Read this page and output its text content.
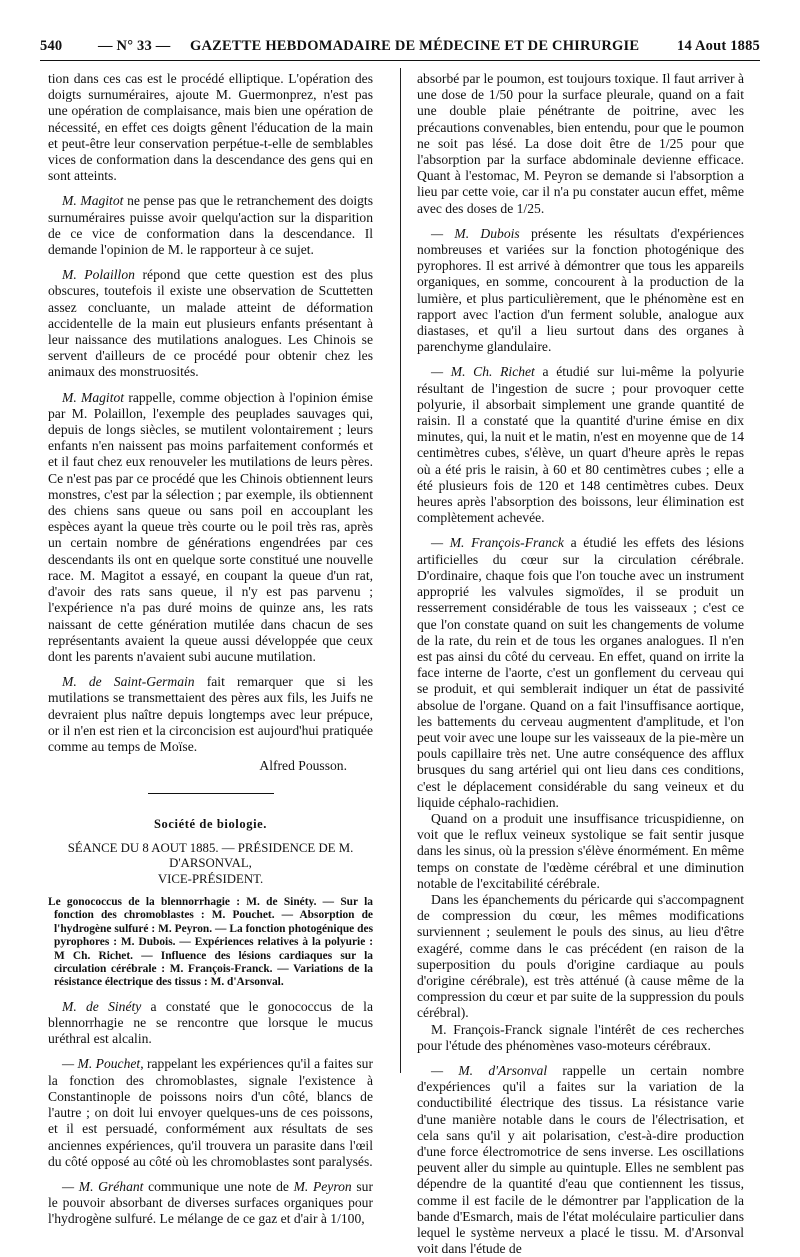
540 — N° 33 — GAZETTE HEBDOMADAIRE DE MÉDECINE ET DE CHIRURGIE	14 Aout 1885

tion dans ces cas est le procédé elliptique. L'opération des doigts surnuméraires, ajoute M. Guermonprez, n'est pas une opération de complaisance, mais bien une opération de nécessité, en effet ces doigts gênent l'éducation de la main et peut-être leur conservation perpétue-t-elle de semblables vices de conformation dans la descendance des gens qui en sont atteints.

M. Magitot ne pense pas que le retranchement des doigts surnuméraires puisse avoir quelqu'action sur la disparition de ce vice de conformation dans la descendance. Il demande l'opinion de M. le rapporteur à ce sujet.

M. Polaillon répond que cette question est des plus obscures, toutefois il existe une observation de Scuttetten assez concluante, un malade atteint de déformation accidentelle de la main eut plusieurs enfants présentant à leur naissance des mutilations analogues. Les Chinois se servent d'ailleurs de ce procédé pour obtenir chez les animaux des monstruosités.

M. Magitot rappelle, comme objection à l'opinion émise par M. Polaillon, l'exemple des peuplades sauvages qui, depuis de longs siècles, se mutilent volontairement ; leurs enfants n'en naissent pas moins parfaitement conformés et et il faut chez eux renouveler les mutilations de leurs pères. Ce n'est pas par ce procédé que les Chinois obtiennent leurs monstres, c'est par la sélection ; par exemple, ils obtiennent des chiens sans queue ou sans poil en accouplant les espèces ayant la queue très courte ou le poil très ras, après un certain nombre de générations engendrées par ces descendants ils ont en quelque sorte constitué une nouvelle race. M. Magitot a essayé, en coupant la queue d'un rat, d'avoir des rats sans queue, il n'y est pas parvenu ; l'expérience n'a pas duré moins de quinze ans, les rats naissant de cette génération mutilée dans chacun de ses représentants avaient la queue aussi développée que ceux dont les parents n'avaient subi aucune mutilation.

M. de Saint-Germain fait remarquer que si les mutilations se transmettaient des pères aux fils, les Juifs ne devraient plus naître depuis longtemps avec leur prépuce, or il n'en est rien et la circoncision est aujourd'hui pratiquée comme au temps de Moïse.

Alfred Pousson.

Société de biologie.
SÉANCE DU 8 AOUT 1885. — PRÉSIDENCE DE M. D'ARSONVAL,
VICE-PRÉSIDENT.

Le gonococcus de la blennorrhagie : M. de Sinéty. — Sur la fonction des chromoblastes : M. Pouchet. — Absorption de l'hydrogène sulfuré : M. Peyron. — La fonction photogénique des pyrophores : M. Dubois. — Expériences relatives à la polyurie : M Ch. Richet. — Influence des lésions cardiaques sur la circulation cérébrale : M. François-Franck. — Variations de la résistance électrique des tissus : M. d'Arsonval.

M. de Sinéty a constaté que le gonococcus de la blennorrhagie ne se rencontre que lorsque le mucus uréthral est alcalin.

— M. Pouchet, rappelant les expériences qu'il a faites sur la fonction des chromoblastes, signale l'existence à Constantinople de poissons noirs d'un côté, blancs de l'autre ; on doit lui envoyer quelques-uns de ces poissons, et il est persuadé, conformément aux résultats de ses anciennes expériences, qu'il trouvera un parasite dans l'œil du côté opposé au côté où les chromoblastes sont paralysés.

— M. Gréhant communique une note de M. Peyron sur le pouvoir absorbant de diverses surfaces organiques pour l'hydrogène sulfuré. Le mélange de ce gaz et d'air à 1/100,

absorbé par le poumon, est toujours toxique. Il faut arriver à une dose de 1/50 pour la surface pleurale, quand on a fait une double plaie pénétrante de poitrine, avec les précautions convenables, bien entendu, pour que le poumon ne soit pas lésé. La dose doit être de 1/25 pour que l'absorption par la surface abdominale devienne efficace. Quant à l'estomac, M. Peyron se demande si l'absorption a lieu par cette voie, car il n'a pu constater aucun effet, même avec des doses de 1/25.

— M. Dubois présente les résultats d'expériences nombreuses et variées sur la fonction photogénique des pyrophores. Il est arrivé à démontrer que tous les appareils organiques, en somme, concourent à la production de la lumière, et plus particulièrement, que le phénomène est en rapport avec l'action d'un ferment soluble, analogue aux diastases, et qu'il a lieu surtout dans des organes à parenchyme glandulaire.

— M. Ch. Richet a étudié sur lui-même la polyurie résultant de l'ingestion de sucre ; pour provoquer cette polyurie, il absorbait simplement une grande quantité de raisin. Il a constaté que la quantité d'urine émise en dix minutes, qui, la nuit et le matin, n'est en moyenne que de 14 centimètres cubes, s'élève, un quart d'heure après le repas où a été pris le raisin, à 60 et 80 centimètres cubes ; elle a été plusieurs fois de 120 et 148 centimètres cubes. Deux heures après l'absorption des boissons, leur élimination est complètement achevée.

— M. François-Franck a étudié les effets des lésions artificielles du cœur sur la circulation cérébrale. D'ordinaire, chaque fois que l'on touche avec un instrument approprié les valvules sigmoïdes, il se produit un resserrement considérable de tous les vaisseaux ; c'est ce que l'on constate quand on suit les changements de volume de la rate, du rein et de tous les organes analogues. Il n'en est pas ainsi du côté du cerveau. En effet, quand on irrite la face interne de l'aorte, c'est un gonflement du cerveau qui se produit, et qui semblerait indiquer un état de passivité absolue de l'organe. Quand on a fait l'insuffisance aortique, les battements du cerveau augmentent d'amplitude, et l'on peut voir avec une loupe sur les vaisseaux de la pie-mère un pouls capillaire très net. Une autre conséquence des afflux brusques du sang artériel qui ont lieu dans ces conditions, c'est le déplacement considérable du sang veineux et du liquide céphalo-rachidien.

Quand on a produit une insuffisance tricuspidienne, on voit que le reflux veineux systolique se fait sentir jusque dans les sinus, où la pression s'élève énormément. En même temps on constate de l'œdème cérébral et une diminution notable de l'excitabilité cérébrale.

Dans les épanchements du péricarde qui s'accompagnent de compression du cœur, les mêmes modifications surviennent ; seulement le pouls des sinus, au lieu d'être exagéré, comme dans le cas précédent (en raison de la superposition du pouls d'origine cardiaque au pouls d'origine cérébrale), est très atténué (à cause même de la compression du cœur et par suite de la suppression du pouls cérébral).

M. François-Franck signale l'intérêt de ces recherches pour l'étude des phénomènes vaso-moteurs cérébraux.

— M. d'Arsonval rappelle un certain nombre d'expériences qu'il a faites sur la variation de la conductibilité électrique des tissus. La résistance varie d'une manière notable dans le cours de l'électrisation, et cela sans qu'il y ait polarisation, c'est-à-dire production d'une force électromotrice de sens inverse. Les oscillations peuvent aller du simple au quintuple. Elles ne semblent pas dépendre de la quantité d'eau que contiennent les tissus, comme il est facile de le démontrer par l'application de la bande d'Esmarch, mais de l'état moléculaire particulier dans lequel le système nerveux a placé le tissu. M. d'Arsonval voit dans l'étude de
